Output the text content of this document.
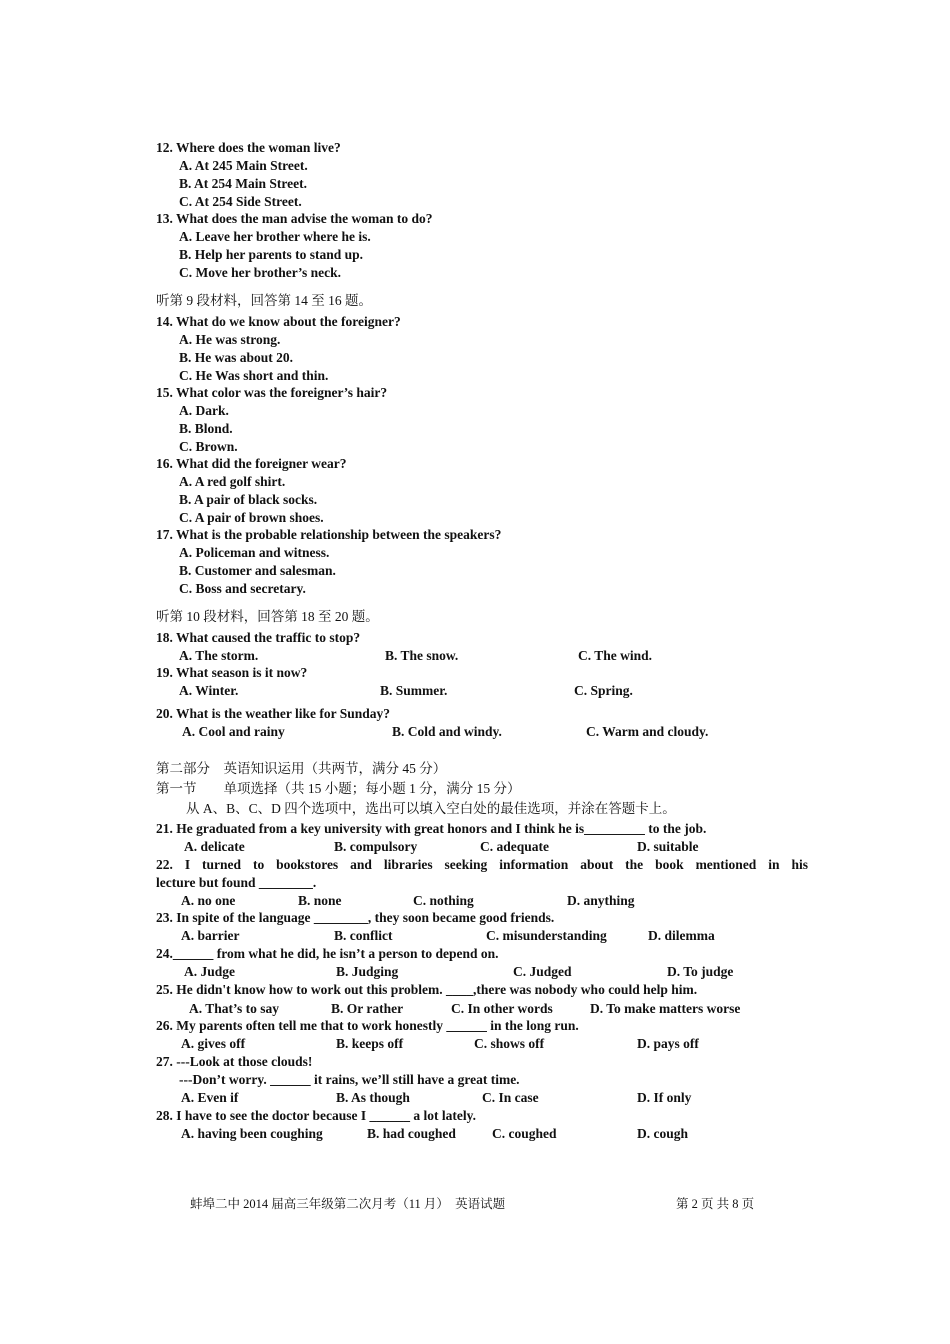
12. Where does the woman live?
A. At 245 Main Street.
B. At 254 Main Street.
C. At 254 Side Street.
13. What does the man advise the woman to do?
A. Leave her brother where he is.
B. Help her parents to stand up.
C. Move her brother’s neck.
听第 9 段材料，回答第 14 至 16 题。
14. What do we know about the foreigner?
A. He was strong.
B. He was about 20.
C. He Was short and thin.
15. What color was the foreigner’s hair?
A. Dark.
B. Blond.
C. Brown.
16. What did the foreigner wear?
A. A red golf shirt.
B. A pair of black socks.
C. A pair of brown shoes.
17. What is the probable relationship between the speakers?
A. Policeman and witness.
B. Customer and salesman.
C. Boss and secretary.
听第 10 段材料，回答第 18 至 20 题。
18. What caused the traffic to stop?
A. The storm.	B. The snow.	C. The wind.
19. What season is it now?
A. Winter.	B. Summer.	C. Spring.
20. What is the weather like for Sunday?
A. Cool and rainy	B. Cold and windy.	C. Warm and cloudy.
第二部分　英语知识运用（共两节，满分 45 分）
第一节　　单项选择（共 15 小题；每小题 1 分，满分 15 分）
从 A、B、C、D 四个选项中，选出可以填入空白处的最佳选项，并涂在答题卡上。
21. He graduated from a key university with great honors and I think he is_________ to the job.
A. delicate	B. compulsory	C. adequate	D. suitable
22. I turned to bookstores and libraries seeking information about the book mentioned in his
lecture but found ________.
A. no one	B. none	C. nothing	D. anything
23. In spite of the language ________, they soon became good friends.
A. barrier	B. conflict	C. misunderstanding	D. dilemma
24.______ from what he did, he isn’t a person to depend on.
A. Judge	B. Judging	C. Judged	D. To judge
25. He didn't know how to work out this problem. ____,there was nobody who could help him.
A. That’s to say	B. Or rather	C. In other words	D. To make matters worse
26. My parents often tell me that to work honestly ______ in the long run.
A. gives off	B. keeps off	C. shows off	D. pays off
27. ---Look at those clouds!
---Don’t worry. ______ it rains, we’ll still have a great time.
A. Even if	B. As though	C. In case	D. If only
28. I have to see the doctor because I ______ a lot lately.
A. having been coughing	B. had coughed	C. coughed	D. cough
蚌埠二中 2014 届高三年级第二次月考（11 月）　英语试题	第 2 页 共 8 页
